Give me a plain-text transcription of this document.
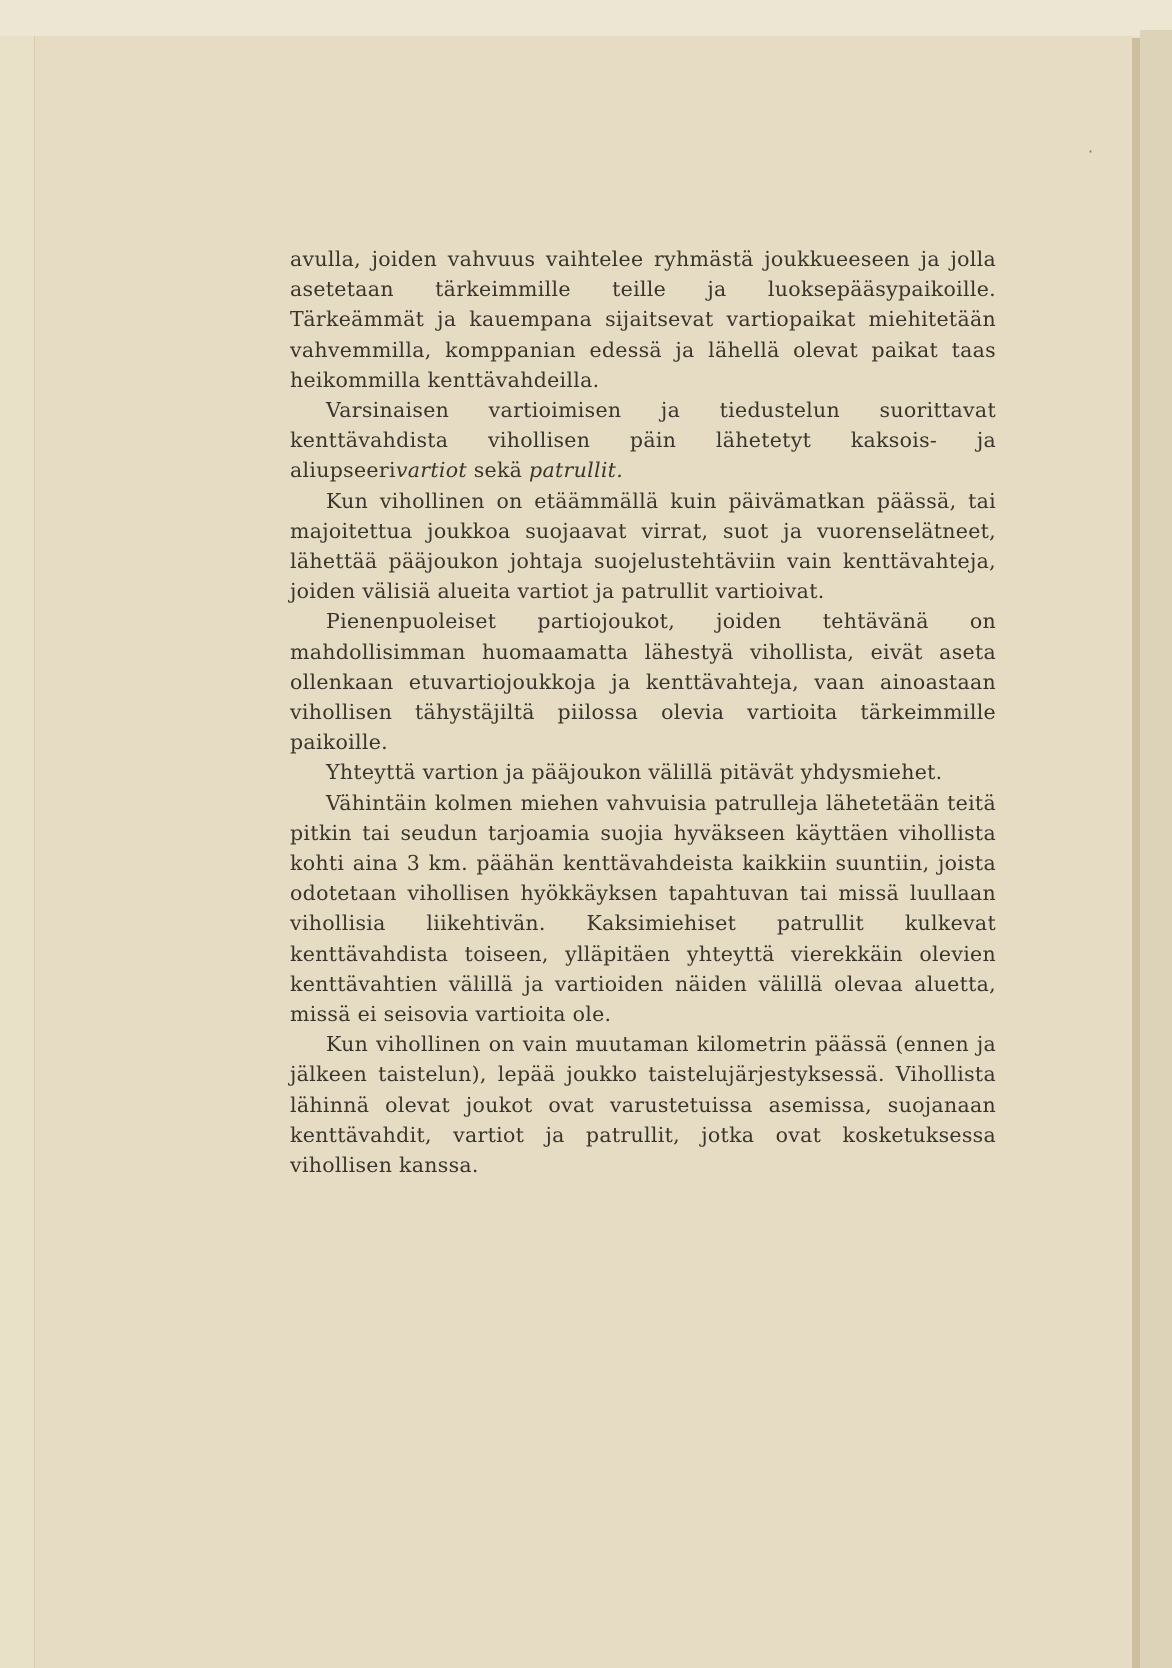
·

avulla, joiden vahvuus vaihtelee ryhmästä joukkueeseen ja jolla asetetaan tärkeimmille teille ja luoksepääsypaikoille. Tärkeämmät ja kauempana sijaitsevat vartiopaikat miehitetään vahvemmilla, komppanian edessä ja lähellä olevat paikat taas heikommilla kenttävahdeilla.

Varsinaisen vartioimisen ja tiedustelun suorittavat kenttävahdista vihollisen päin lähetetyt kaksois- ja aliupseerivartiot sekä patrullit.

Kun vihollinen on etäämmällä kuin päivämatkan päässä, tai majoitettua joukkoa suojaavat virrat, suot ja vuorenselätneet, lähettää pääjoukon johtaja suojelustehtäviin vain kenttävahteja, joiden välisiä alueita vartiot ja patrullit vartioivat.

Pienenpuoleiset partiojoukot, joiden tehtävänä on mahdollisimman huomaamatta lähestyä vihollista, eivät aseta ollenkaan etuvartiojoukkoja ja kenttävahteja, vaan ainoastaan vihollisen tähystäjiltä piilossa olevia vartioita tärkeimmille paikoille.

Yhteyttä vartion ja pääjoukon välillä pitävät yhdysmiehet.

Vähintäin kolmen miehen vahvuisia patrulleja lähetetään teitä pitkin tai seudun tarjoamia suojia hyväkseen käyttäen vihollista kohti aina 3 km. päähän kenttävahdeista kaikkiin suuntiin, joista odotetaan vihollisen hyökkäyksen tapahtuvan tai missä luullaan vihollisia liikehtivän. Kaksimiehiset patrullit kulkevat kenttävahdista toiseen, ylläpitäen yhteyttä vierekkäin olevien kenttävahtien välillä ja vartioiden näiden välillä olevaa aluetta, missä ei seisovia vartioita ole.

Kun vihollinen on vain muutaman kilometrin päässä (ennen ja jälkeen taistelun), lepää joukko taistelujärjestyksessä. Vihollista lähinnä olevat joukot ovat varustetuissa asemissa, suojanaan kenttävahdit, vartiot ja patrullit, jotka ovat kosketuksessa vihollisen kanssa.
